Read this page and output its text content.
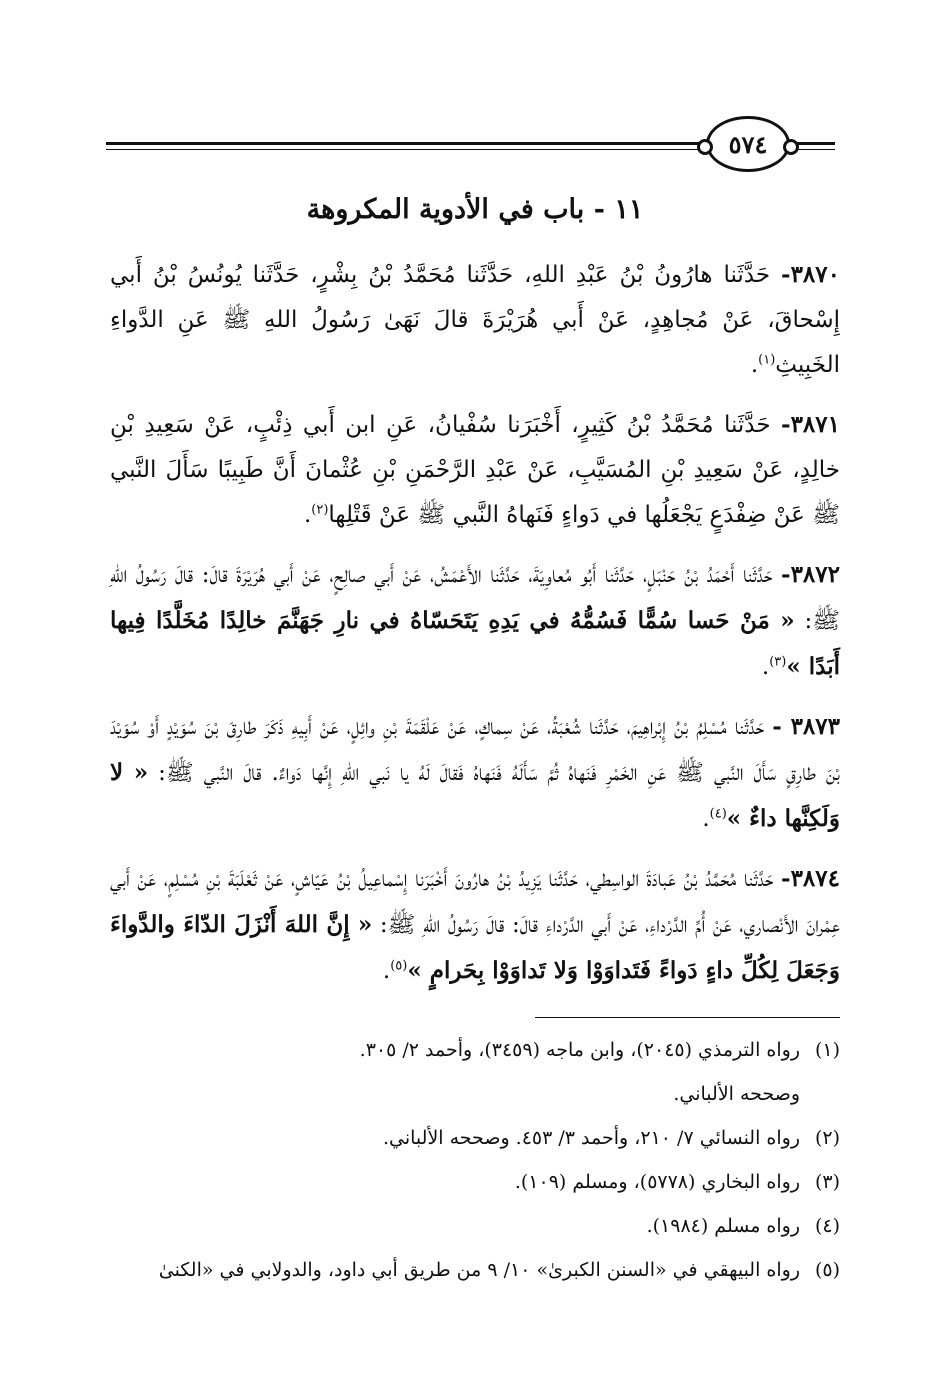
٥٧٤
١١ - باب في الأدوية المكروهة

٣٨٧٠- حَدَّثَنا هارُونُ بْنُ عَبْدِ اللهِ، حَدَّثَنا مُحَمَّدُ بْنُ بِشْرٍ، حَدَّثَنا يُونُسُ بْنُ أَبي إِسْحاقَ، عَنْ مُجاهِدٍ، عَنْ أَبي هُرَيْرَةَ قالَ نَهَىٰ رَسُولُ اللهِ ﷺ عَنِ الدَّواءِ الخَبِيثِ$^{(١)}$.

٣٨٧١- حَدَّثَنا مُحَمَّدُ بْنُ كَثِيرٍ، أَخْبَرَنا سُفْيانُ، عَنِ ابن أَبي ذِئْبٍ، عَنْ سَعِيدِ بْنِ خالِدٍ، عَنْ سَعِيدِ بْنِ المُسَيَّبِ، عَنْ عَبْدِ الرَّحْمَنِ بْنِ عُثْمانَ أَنَّ طَبِيبًا سَأَلَ النَّبي ﷺ عَنْ ضِفْدَعٍ يَجْعَلُها في دَواءٍ فَنَهاهُ النَّبي ﷺ عَنْ قَتْلِها$^{(٢)}$.

٣٨٧٢- حَدَّثَنا أَحْمَدُ بْنُ حَنْبَلٍ، حَدَّثَنا أَبُو مُعاوِيَةَ، حَدَّثَنا الأَعْمَشُ، عَنْ أَبي صالِحٍ، عَنْ أَبي هُرَيْرَةَ قالَ: قالَ رَسُولُ اللهِ ﷺ: « مَنْ حَسا سُمًّا فَسُمُّهُ في يَدِهِ يَتَحَسّاهُ في نارِ جَهَنَّمَ خالِدًا مُخَلَّدًا فِيها أَبَدًا »$^{(٣)}$.

٣٨٧٣ - حَدَّثَنا مُسْلِمُ بْنُ إِبْراهِيمَ، حَدَّثَنا شُعْبَةُ، عَنْ سِماكٍ، عَنْ عَلْقَمَةَ بْنِ وائِلٍ، عَنْ أَبِيهِ ذَكَرَ طارِقَ بْنَ سُوَيْدٍ أَوْ سُوَيْدَ بْنَ طارِقٍ سَأَلَ النَّبي ﷺ عَنِ الخَمْرِ فَنَهاهُ ثُمَّ سَأَلَهُ فَنَهاهُ فَقالَ لَهُ يا نَبي اللهِ إِنَّها دَواءٌ. قالَ النَّبي ﷺ: « لا وَلَكِنَّها داءٌ »$^{(٤)}$.

٣٨٧٤- حَدَّثَنا مُحَمَّدُ بْنُ عَبادَةَ الواسِطي، حَدَّثَنا يَزِيدُ بْنُ هارُونَ أَخْبَرَنا إِسْماعِيلُ بْنُ عَيّاشٍ، عَنْ ثَعْلَبَةَ بْنِ مُسْلِمٍ، عَنْ أَبي عِمْرانَ الأَنْصاري، عَنْ أُمِّ الدَّرْداءِ، عَنْ أَبي الدَّرْداءِ قالَ: قالَ رَسُولُ اللهِ ﷺ: « إِنَّ اللهَ أَنْزَلَ الدّاءَ والدَّواءَ وَجَعَلَ لِكُلِّ داءٍ دَواءً فَتَداوَوْا وَلا تَداوَوْا بِحَرامٍ »$^{(٥)}$.

(١)
رواه الترمذي (٢٠٤٥)، وابن ماجه (٣٤٥٩)، وأحمد ٢/ ٣٠٥.
وصححه الألباني.
(٢)
رواه النسائي ٧/ ٢١٠، وأحمد ٣/ ٤٥٣. وصححه الألباني.
(٣)
رواه البخاري (٥٧٧٨)، ومسلم (١٠٩).
(٤)
رواه مسلم (١٩٨٤).
(٥)
رواه البيهقي في «السنن الكبرىٰ» ١٠/ ٩ من طريق أبي داود، والدولابي في «الكنىٰ
